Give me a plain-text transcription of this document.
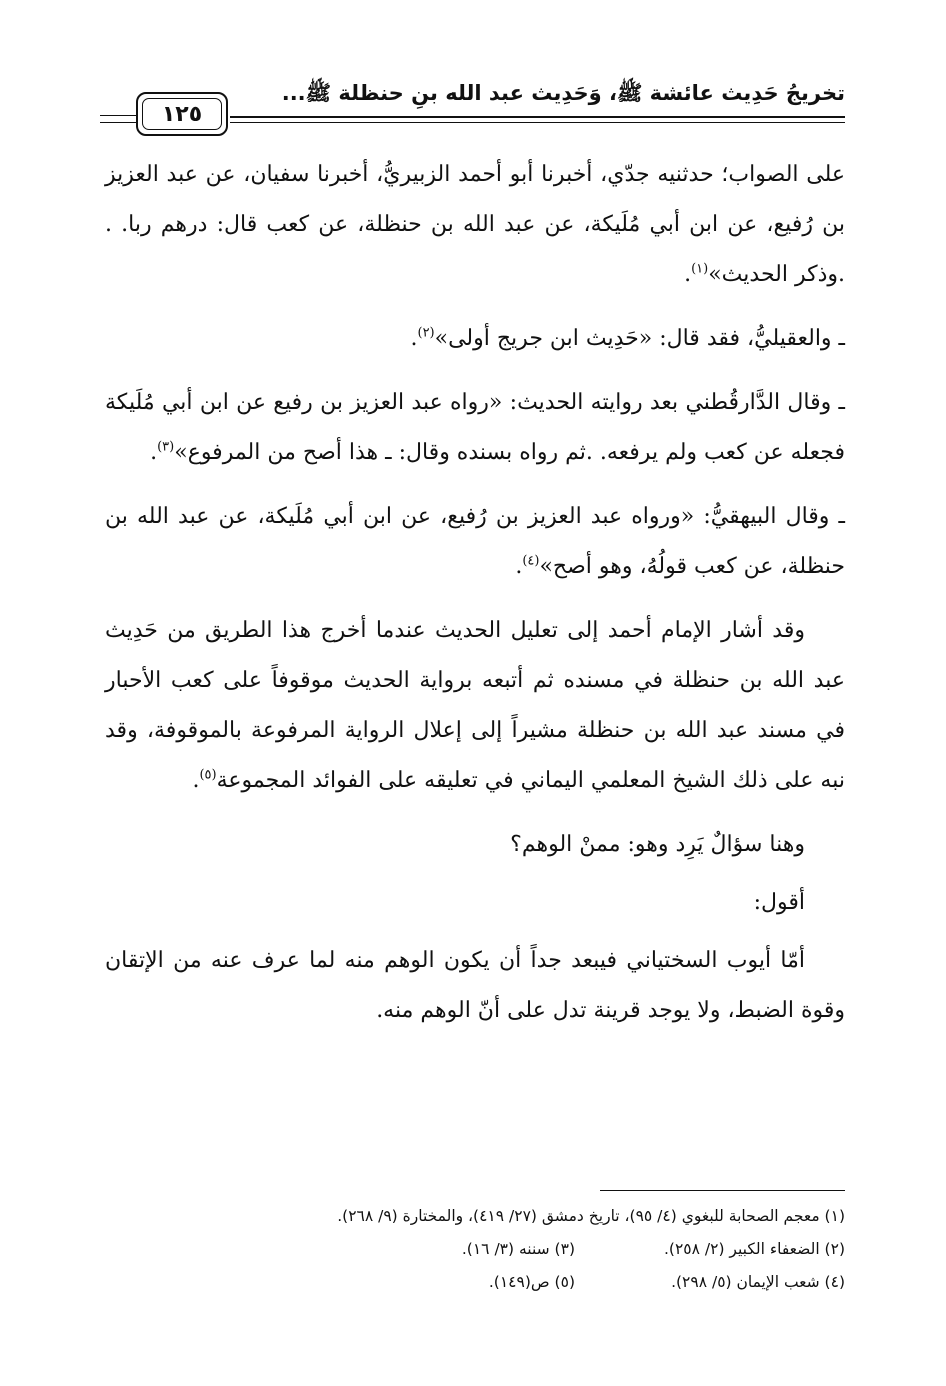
تخريجُ حَدِيث عائشة ﷺ، وَحَدِيث عبد الله بنِ حنظلة ﷺ...
١٢٥

على الصواب؛ حدثنيه جدّي، أخبرنا أبو أحمد الزبيريُّ، أخبرنا سفيان، عن عبد العزيز بن رُفيع، عن ابن أبي مُلَيكة، عن عبد الله بن حنظلة، عن كعب قال: درهم ربا. . .وذكر الحديث»$^{(١)}$.

ـ والعقيليُّ، فقد قال: «حَدِيث ابن جريج أولى»$^{(٢)}$.

ـ وقال الدَّارقُطني بعد روايته الحديث: «رواه عبد العزيز بن رفيع عن ابن أبي مُلَيكة فجعله عن كعب ولم يرفعه. .ثم رواه بسنده وقال: ـ هذا أصح من المرفوع»$^{(٣)}$.

ـ وقال البيهقيُّ: «ورواه عبد العزيز بن رُفيع، عن ابن أبي مُلَيكة، عن عبد الله بن حنظلة، عن كعب قولُهُ، وهو أصح»$^{(٤)}$.

وقد أشار الإمام أحمد إلى تعليل الحديث عندما أخرج هذا الطريق من حَدِيث عبد الله بن حنظلة في مسنده ثم أتبعه برواية الحديث موقوفاً على كعب الأحبار في مسند عبد الله بن حنظلة مشيراً إلى إعلال الرواية المرفوعة بالموقوفة، وقد نبه على ذلك الشيخ المعلمي اليماني في تعليقه على الفوائد المجموعة$^{(٥)}$.

وهنا سؤالٌ يَرِد وهو: ممنْ الوهم؟

أقول:

أمّا أيوب السختياني فيبعد جداً أن يكون الوهم منه لما عرف عنه من الإتقان وقوة الضبط، ولا يوجد قرينة تدل على أنّ الوهم منه.

(١) معجم الصحابة للبغوي (٤/ ٩٥)، تاريخ دمشق (٢٧/ ٤١٩)، والمختارة (٩/ ٢٦٨).
(٢) الضعفاء الكبير (٢/ ٢٥٨).
(٣) سننه (٣/ ١٦).
(٤) شعب الإيمان (٥/ ٢٩٨).
(٥) ص(١٤٩).
